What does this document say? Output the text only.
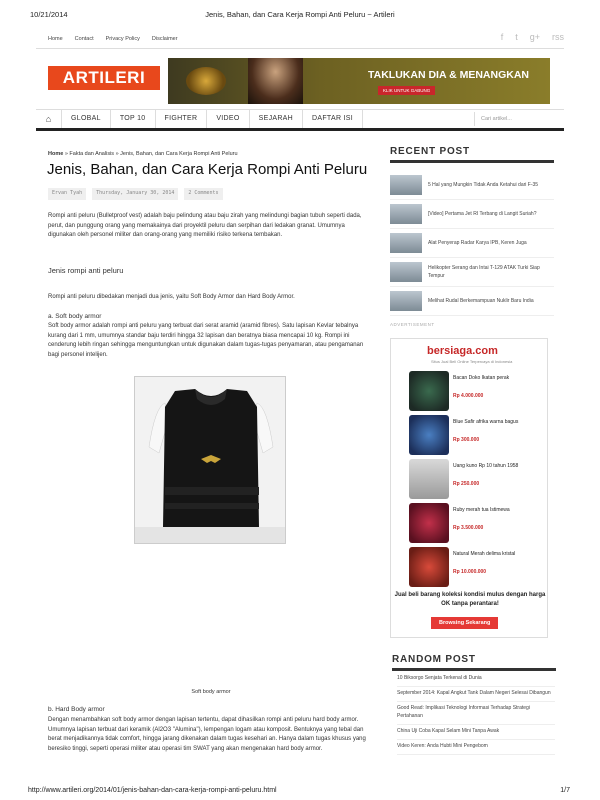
10/21/2014	Jenis, Bahan, dan Cara Kerja Rompi Anti Peluru ~ Artileri
Home Contact Privacy Policy Disclaimer	f t g+ rss
ARTILERI	TAKLUKAN DIA & MENANGKAN
KLIK UNTUK GABUNG
⌂	GLOBAL	TOP 10	FIGHTER	VIDEO	SEJARAH	DAFTAR ISI	Cari artikel...
Home » Fakta dan Analisis » Jenis, Bahan, dan Cara Kerja Rompi Anti Peluru
Jenis, Bahan, dan Cara Kerja Rompi Anti Peluru
Ervan Tyah	Thursday, January 30, 2014	2 Comments

Rompi anti peluru (Bulletproof vest) adalah baju pelindung atau baju zirah yang melindungi bagian tubuh seperti dada, perut, dan punggung orang yang memakainya dari proyektil peluru dan serpihan dari ledakan granat. Umumnya digunakan oleh personel militer dan orang-orang yang memiliki risiko terkena tembakan.

Jenis rompi anti peluru

Rompi anti peluru dibedakan menjadi dua jenis, yaitu Soft Body Armor dan Hard Body Armor.

a. Soft body armor

Soft body armor adalah rompi anti peluru yang terbuat dari serat aramid (aramid fibres). Satu lapisan Kevlar tebalnya kurang dari 1 mm, umumnya standar baju terdiri hingga 32 lapisan dan beratnya biasa mencapai 10 kg. Rompi ini cenderung lebih ringan sehingga menguntungkan untuk digunakan dalam tugas-tugas penyamaran, atau pengamanan bagi personel intelijen.

Soft body armor

b. Hard Body armor

Dengan menambahkan soft body armor dengan lapisan tertentu, dapat dihasilkan rompi anti peluru hard body armor. Umumnya lapisan terbuat dari keramik (Al2O3 "Alumina"), lempengan logam atau komposit. Bentuknya yang tebal dan berat menjadikannya tidak comfort, hingga jarang dikenakan dalam tugas kesehari an. Hanya dalam tugas khusus yang beresiko tinggi, seperti operasi militer atau operasi tim SWAT yang akan mengenakan hard body armor.

RECENT POST
5 Hal yang Mungkin Tidak Anda Ketahui dari F-35
[Video] Pertama Jet RI Terbang di Langit Suriah?
Alat Penyerap Radar Karya IPB, Keren Juga
Helikopter Serang dan Intai T-129 ATAK Turki Siap Tempur
Melihat Rudal Berkemampuan Nuklir Baru India
ADVERTISEMENT
bersiaga.com
Situs Jual Beli Online Terpercaya di Indonesia
Bacan Doko Ikatan perak
Rp 4.000.000
Blue Safir afrika warna bagus
Rp 300.000
Uang kuno Rp 10 tahun 1958
Rp 250.000
Ruby merah tua Istimewa
Rp 3.500.000
Natural Merah delima kristal
Rp 10.000.000
Jual beli barang koleksi kondisi mulus dengan harga OK tanpa perantara!
Browsing Sekarang
RANDOM POST
10 Biksorgo Senjata Terkenal di Dunia
September 2014: Kapal Angkut Tank Dalam Negeri Selesai Dibangun
Good Read: Implikasi Teknologi Informasi Terhadap Strategi Pertahanan
China Uji Coba Kapal Selam Mini Tanpa Awak
Video Keren: Anda Hubti Mini Pengebom
http://www.artileri.org/2014/01/jenis-bahan-dan-cara-kerja-rompi-anti-peluru.html	1/7
